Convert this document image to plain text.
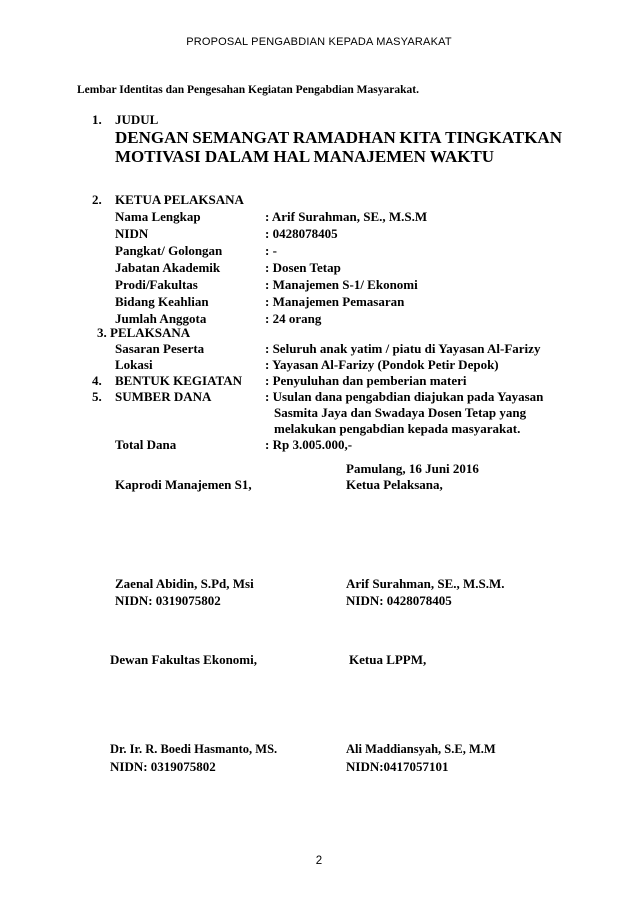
PROPOSAL PENGABDIAN KEPADA MASYARAKAT
Lembar Identitas dan Pengesahan Kegiatan Pengabdian Masyarakat.
1. JUDUL
DENGAN SEMANGAT RAMADHAN KITA TINGKATKAN
MOTIVASI DALAM HAL MANAJEMEN WAKTU
2. KETUA PELAKSANA
Nama Lengkap	: Arif Surahman, SE., M.S.M
NIDN	: 0428078405
Pangkat/ Golongan	: -
Jabatan Akademik	: Dosen Tetap
Prodi/Fakultas	: Manajemen S-1/ Ekonomi
Bidang Keahlian	: Manajemen Pemasaran
Jumlah Anggota	: 24 orang
3. PELAKSANA
Sasaran Peserta	: Seluruh anak yatim / piatu di Yayasan Al-Farizy
Lokasi	: Yayasan Al-Farizy (Pondok Petir Depok)
4. BENTUK KEGIATAN : Penyuluhan dan pemberian materi
5. SUMBER DANA	: Usulan dana pengabdian diajukan pada Yayasan
Sasmita Jaya dan Swadaya Dosen Tetap yang
melakukan pengabdian kepada masyarakat.
Total Dana	: Rp 3.005.000,-
Pamulang, 16 Juni 2016
Kaprodi Manajemen S1,	Ketua Pelaksana,
Zaenal Abidin, S.Pd, Msi	Arif Surahman, SE., M.S.M.
NIDN: 0319075802	NIDN: 0428078405
Dewan Fakultas Ekonomi,	Ketua LPPM,
Dr. Ir. R. Boedi Hasmanto, MS.	Ali Maddiansyah, S.E, M.M
NIDN: 0319075802	NIDN:0417057101
2
